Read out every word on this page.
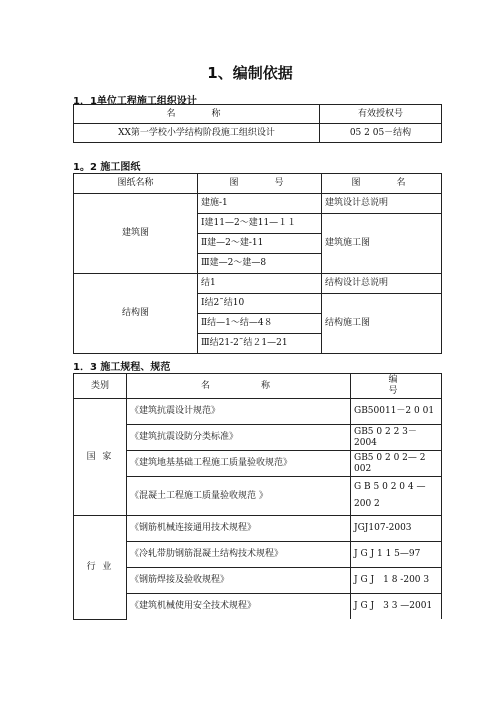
1、编制依据
1．1单位工程施工组织设计
名　　称	有效授权号
XX第一学校小学结构阶段施工组织设计	05 2 05－结构
1。2 施工图纸
图纸名称	图　　号	图　　名
建筑图	建施-1	建筑设计总说明
	Ⅰ建11—2～建11—１１	建筑施工图
	Ⅱ建—2～建-11	
	Ⅲ建—2～建—8	
结构图	结1	结构设计总说明
	Ⅰ结2˜结10	结构施工图
	Ⅱ结—1～结—4８	
	Ⅲ结21-2˜结２1—21	
1．3 施工规程、规范
类别	名　　　称	编　　　　号
国 家	《建筑抗震设计规范》	GB50011－2 0 01
	《建筑抗震设防分类标准》	GB5 0 2 2 3－2004
	《建筑地基基础工程施工质量验收规范》	GB5 0 2 0 2— 2 002
	《混凝土工程施工质量验收规范 》	G B 5 0 2 0 4 —200 2
行 业	《钢筋机械连接通用技术规程》	JGJ107-2003
	《冷轧带肋钢筋混凝土结构技术规程》	J G J 1 1 5—97
	《钢筋焊接及验收规程》	J G J　1 8 -200 3
	《建筑机械使用安全技术规程》	J G J　3 3 —2001
